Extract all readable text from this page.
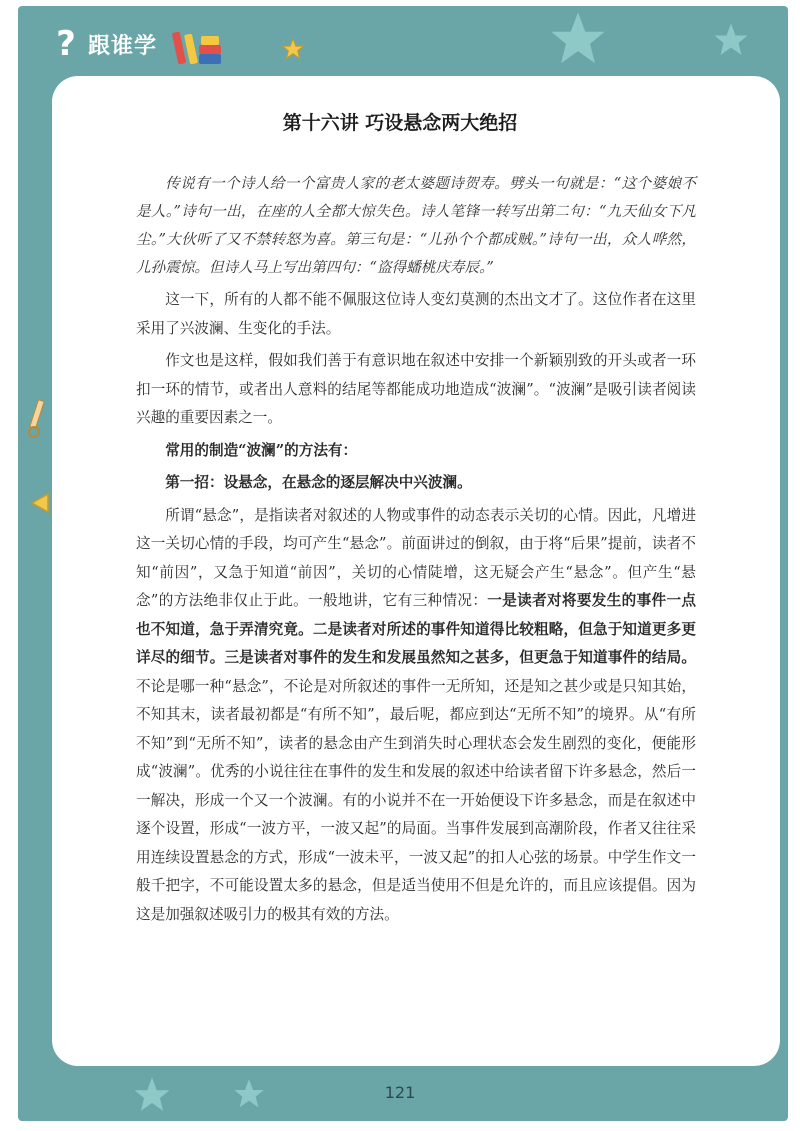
? 跟谁学
第十六讲 巧设悬念两大绝招

传说有一个诗人给一个富贵人家的老太婆题诗贺寿。劈头一句就是：“这个婆娘不是人。”诗句一出，在座的人全都大惊失色。诗人笔锋一转写出第二句：“九天仙女下凡尘。”大伙听了又不禁转怒为喜。第三句是：“儿孙个个都成贼。”诗句一出，众人哗然，儿孙震惊。但诗人马上写出第四句：“盗得蟠桃庆寿辰。”

这一下，所有的人都不能不佩服这位诗人变幻莫测的杰出文才了。这位作者在这里采用了兴波澜、生变化的手法。

作文也是这样，假如我们善于有意识地在叙述中安排一个新颖别致的开头或者一环扣一环的情节，或者出人意料的结尾等都能成功地造成“波澜”。“波澜”是吸引读者阅读兴趣的重要因素之一。

常用的制造“波澜”的方法有：

第一招：设悬念，在悬念的逐层解决中兴波澜。

所谓“悬念”，是指读者对叙述的人物或事件的动态表示关切的心情。因此，凡增进这一关切心情的手段，均可产生“悬念”。前面讲过的倒叙，由于将“后果”提前，读者不知“前因”，又急于知道“前因”，关切的心情陡增，这无疑会产生“悬念”。但产生“悬念”的方法绝非仅止于此。一般地讲，它有三种情况：一是读者对将要发生的事件一点也不知道，急于弄清究竟。二是读者对所述的事件知道得比较粗略，但急于知道更多更详尽的细节。三是读者对事件的发生和发展虽然知之甚多，但更急于知道事件的结局。不论是哪一种“悬念”，不论是对所叙述的事件一无所知，还是知之甚少或是只知其始，不知其末，读者最初都是“有所不知”，最后呢，都应到达“无所不知”的境界。从“有所不知”到“无所不知”，读者的悬念由产生到消失时心理状态会发生剧烈的变化，便能形成“波澜”。优秀的小说往往在事件的发生和发展的叙述中给读者留下许多悬念，然后一一解决，形成一个又一个波澜。有的小说并不在一开始便设下许多悬念，而是在叙述中逐个设置，形成“一波方平，一波又起”的局面。当事件发展到高潮阶段，作者又往往采用连续设置悬念的方式，形成“一波未平，一波又起”的扣人心弦的场景。中学生作文一般千把字，不可能设置太多的悬念，但是适当使用不但是允许的，而且应该提倡。因为这是加强叙述吸引力的极其有效的方法。

121
